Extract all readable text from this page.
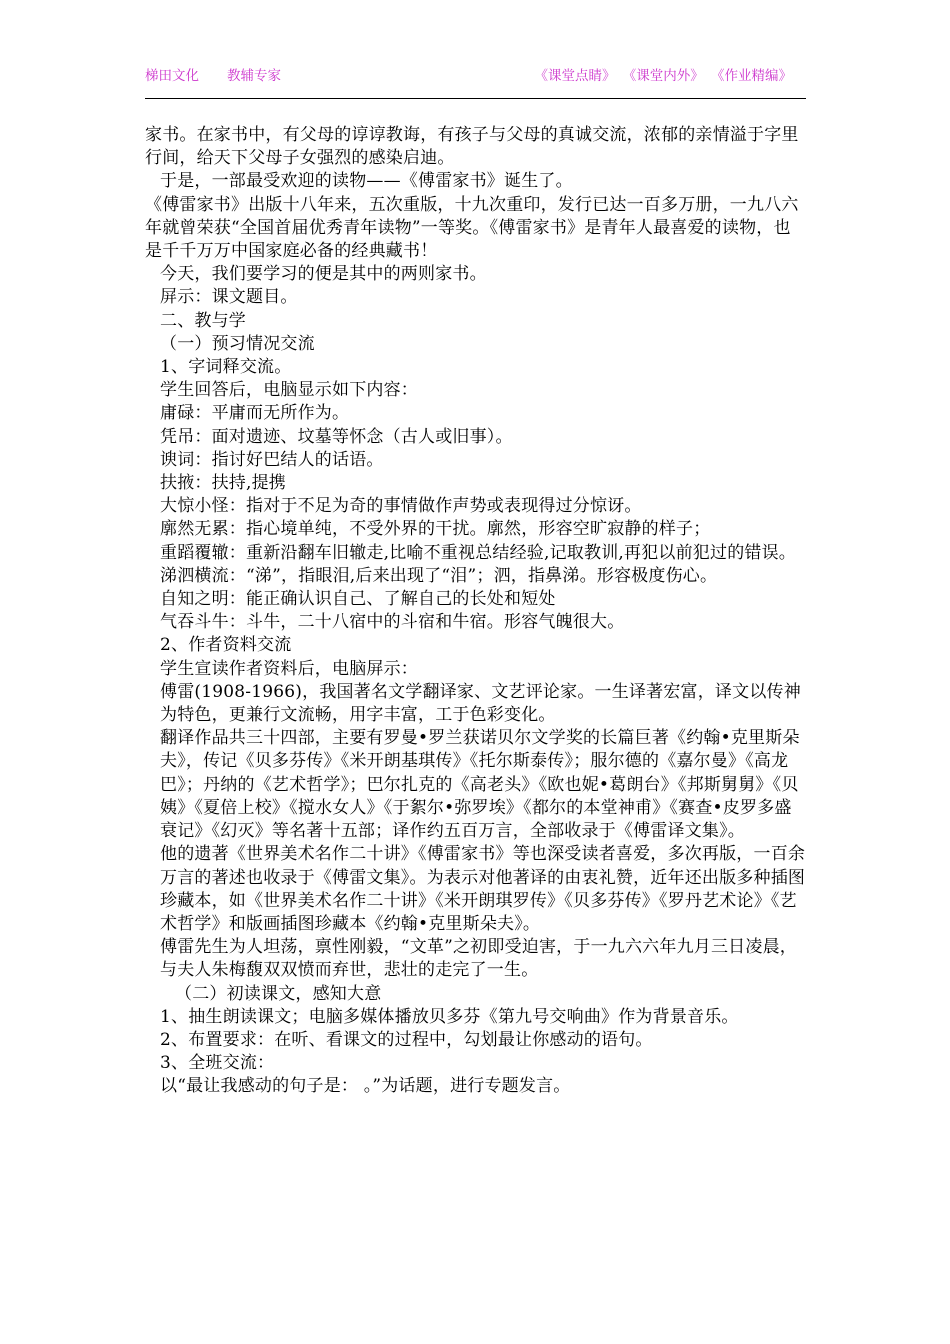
梯田文化 教辅专家	《课堂点睛》 《课堂内外》 《作业精编》

家书。在家书中，有父母的谆谆教诲，有孩子与父母的真诚交流，浓郁的亲情溢于字里行间，给天下父母子女强烈的感染启迪。

于是，一部最受欢迎的读物——《傅雷家书》诞生了。

《傅雷家书》出版十八年来，五次重版，十九次重印，发行已达一百多万册，一九八六年就曾荣获“全国首届优秀青年读物”一等奖。《傅雷家书》是青年人最喜爱的读物，也是千千万万中国家庭必备的经典藏书！

今天，我们要学习的便是其中的两则家书。

屏示：课文题目。

二、教与学

（一）预习情况交流

1、字词释交流。

学生回答后，电脑显示如下内容：

庸碌：平庸而无所作为。

凭吊：面对遗迹、坟墓等怀念（古人或旧事）。

谀词：指讨好巴结人的话语。

扶掖：扶持,提携

大惊小怪：指对于不足为奇的事情做作声势或表现得过分惊讶。

廓然无累：指心境单纯，不受外界的干扰。廓然，形容空旷寂静的样子；

重蹈覆辙：重新沿翻车旧辙走,比喻不重视总结经验,记取教训,再犯以前犯过的错误。

涕泗横流：“涕”，指眼泪,后来出现了“泪”；泗，指鼻涕。形容极度伤心。

自知之明：能正确认识自己、了解自己的长处和短处

气吞斗牛：斗牛，二十八宿中的斗宿和牛宿。形容气魄很大。

2、作者资料交流

学生宣读作者资料后，电脑屏示：

傅雷(1908-1966)，我国著名文学翻译家、文艺评论家。一生译著宏富，译文以传神为特色，更兼行文流畅，用字丰富，工于色彩变化。

翻译作品共三十四部，主要有罗曼•罗兰获诺贝尔文学奖的长篇巨著《约翰•克里斯朵夫》，传记《贝多芬传》《米开朗基琪传》《托尔斯泰传》；服尔德的《嘉尔曼》《高龙巴》；丹纳的《艺术哲学》；巴尔扎克的《高老头》《欧也妮•葛朗台》《邦斯舅舅》《贝姨》《夏倍上校》《搅水女人》《于絮尔•弥罗埃》《都尔的本堂神甫》《赛查•皮罗多盛衰记》《幻灭》等名著十五部；译作约五百万言，全部收录于《傅雷译文集》。

他的遗著《世界美术名作二十讲》《傅雷家书》等也深受读者喜爱，多次再版，一百余万言的著述也收录于《傅雷文集》。为表示对他著译的由衷礼赞，近年还出版多种插图珍藏本，如《世界美术名作二十讲》《米开朗琪罗传》《贝多芬传》《罗丹艺术论》《艺术哲学》和版画插图珍藏本《约翰•克里斯朵夫》。

傅雷先生为人坦荡，禀性刚毅，“文革”之初即受迫害，于一九六六年九月三日凌晨，与夫人朱梅馥双双愤而弃世，悲壮的走完了一生。

（二）初读课文，感知大意

1、抽生朗读课文；电脑多媒体播放贝多芬《第九号交响曲》作为背景音乐。

2、布置要求：在听、看课文的过程中，勾划最让你感动的语句。

3、全班交流：

以“最让我感动的句子是： 。”为话题，进行专题发言。
